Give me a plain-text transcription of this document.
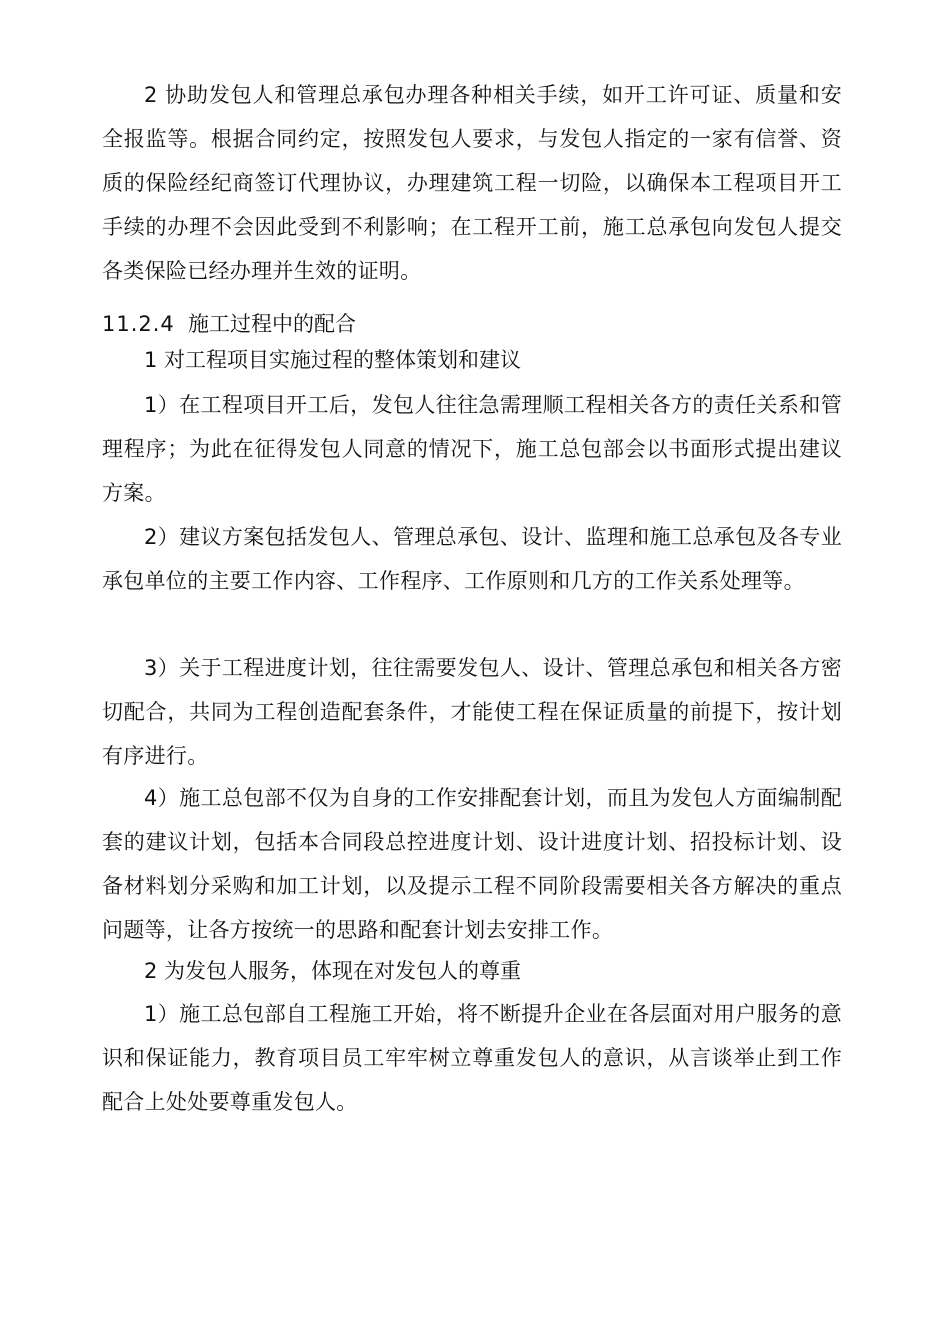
2 协助发包人和管理总承包办理各种相关手续，如开工许可证、质量和安全报监等。根据合同约定，按照发包人要求，与发包人指定的一家有信誉、资质的保险经纪商签订代理协议，办理建筑工程一切险，以确保本工程项目开工手续的办理不会因此受到不利影响；在工程开工前，施工总承包向发包人提交各类保险已经办理并生效的证明。

11.2.4 施工过程中的配合

1 对工程项目实施过程的整体策划和建议

1）在工程项目开工后，发包人往往急需理顺工程相关各方的责任关系和管理程序；为此在征得发包人同意的情况下，施工总包部会以书面形式提出建议方案。

2）建议方案包括发包人、管理总承包、设计、监理和施工总承包及各专业承包单位的主要工作内容、工作程序、工作原则和几方的工作关系处理等。

3）关于工程进度计划，往往需要发包人、设计、管理总承包和相关各方密切配合，共同为工程创造配套条件，才能使工程在保证质量的前提下，按计划有序进行。

4）施工总包部不仅为自身的工作安排配套计划，而且为发包人方面编制配套的建议计划，包括本合同段总控进度计划、设计进度计划、招投标计划、设备材料划分采购和加工计划，以及提示工程不同阶段需要相关各方解决的重点问题等，让各方按统一的思路和配套计划去安排工作。

2 为发包人服务，体现在对发包人的尊重

1）施工总包部自工程施工开始，将不断提升企业在各层面对用户服务的意识和保证能力，教育项目员工牢牢树立尊重发包人的意识，从言谈举止到工作配合上处处要尊重发包人。
